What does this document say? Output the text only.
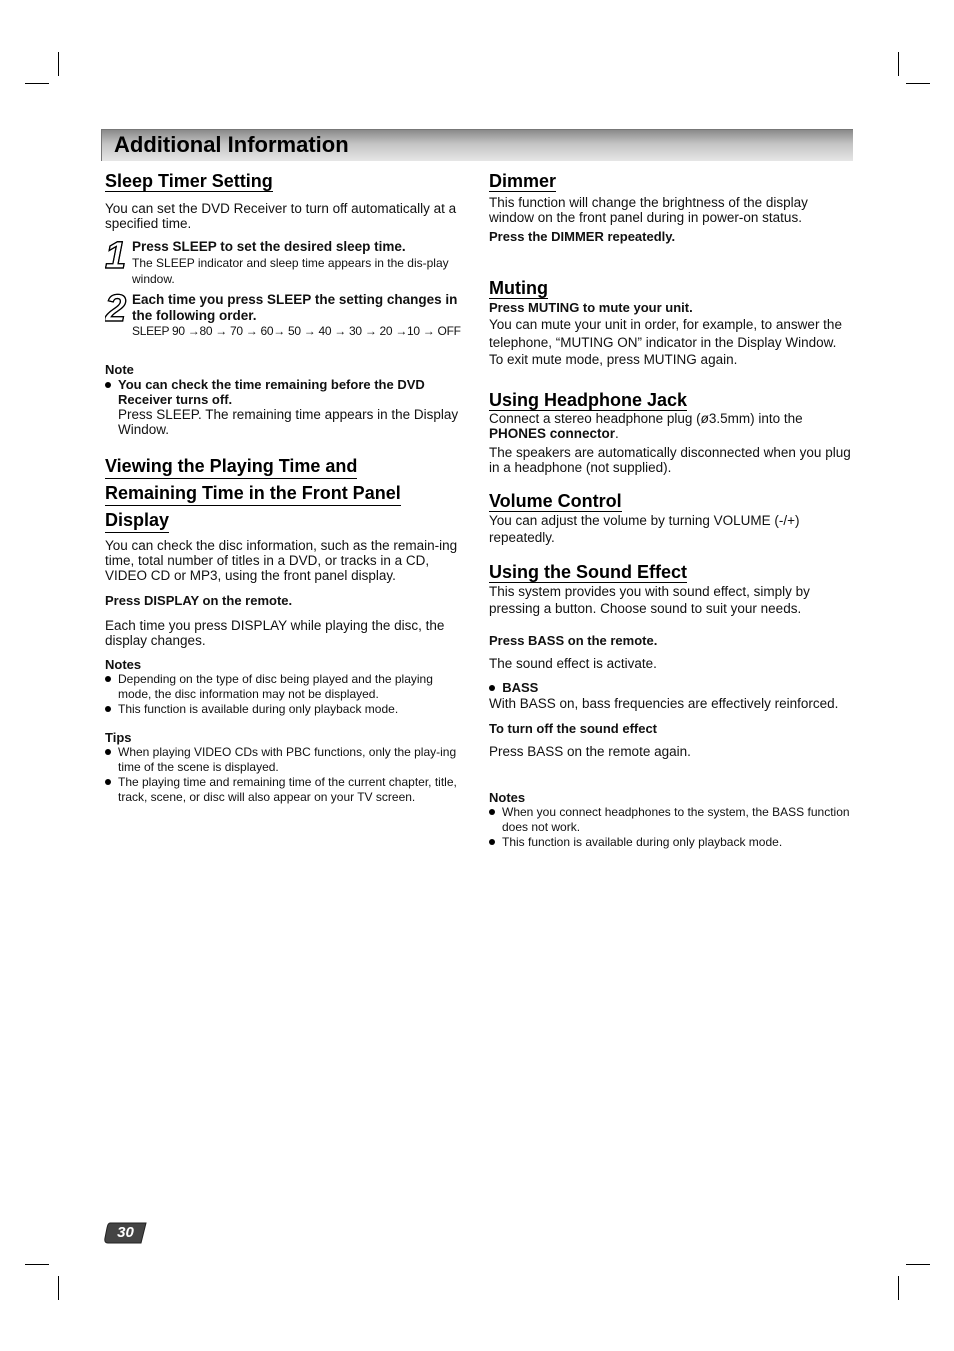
Additional Information
Sleep Timer Setting

You can set the DVD Receiver to turn off automatically at a specified time.

1 Press SLEEP to set the desired sleep time.
The SLEEP indicator and sleep time appears in the dis-play window.
2 Each time you press SLEEP the setting changes in the following order.
SLEEP 90 →80 → 70 → 60→ 50 → 40 → 30 → 20 →10 → OFF

Note

You can check the time remaining before the DVD Receiver turns off.
Press SLEEP. The remaining time appears in the Display Window.
Viewing the Playing Time and
Remaining Time in the Front Panel
Display

You can check the disc information, such as the remain-ing time, total number of titles in a DVD, or tracks in a CD, VIDEO CD or MP3, using the front panel display.

Press DISPLAY on the remote.

Each time you press DISPLAY while playing the disc, the display changes.

Notes

Depending on the type of disc being played and the playing mode, the disc information may not be displayed.
This function is available during only playback mode.

Tips

When playing VIDEO CDs with PBC functions, only the play-ing time of the scene is displayed.
The playing time and remaining time of the current chapter, title, track, scene, or disc will also appear on your TV screen.
Dimmer

This function will change the brightness of the display window on the front panel during in power-on status.

Press the DIMMER repeatedly.

Muting

Press MUTING to mute your unit.

You can mute your unit in order, for example, to answer the telephone, “MUTING ON” indicator in the Display Window. To exit mute mode, press MUTING again.

Using Headphone Jack

Connect a stereo headphone plug (ø3.5mm) into the
PHONES connector.

The speakers are automatically disconnected when you plug in a headphone (not supplied).

Volume Control

You can adjust the volume by turning VOLUME (-/+) repeatedly.

Using the Sound Effect

This system provides you with sound effect, simply by pressing a button. Choose sound to suit your needs.

Press BASS on the remote.

The sound effect is activate.

BASS

With BASS on, bass frequencies are effectively reinforced.

To turn off the sound effect

Press BASS on the remote again.

Notes

When you connect headphones to the system, the BASS function does not work.
This function is available during only playback mode.
30
